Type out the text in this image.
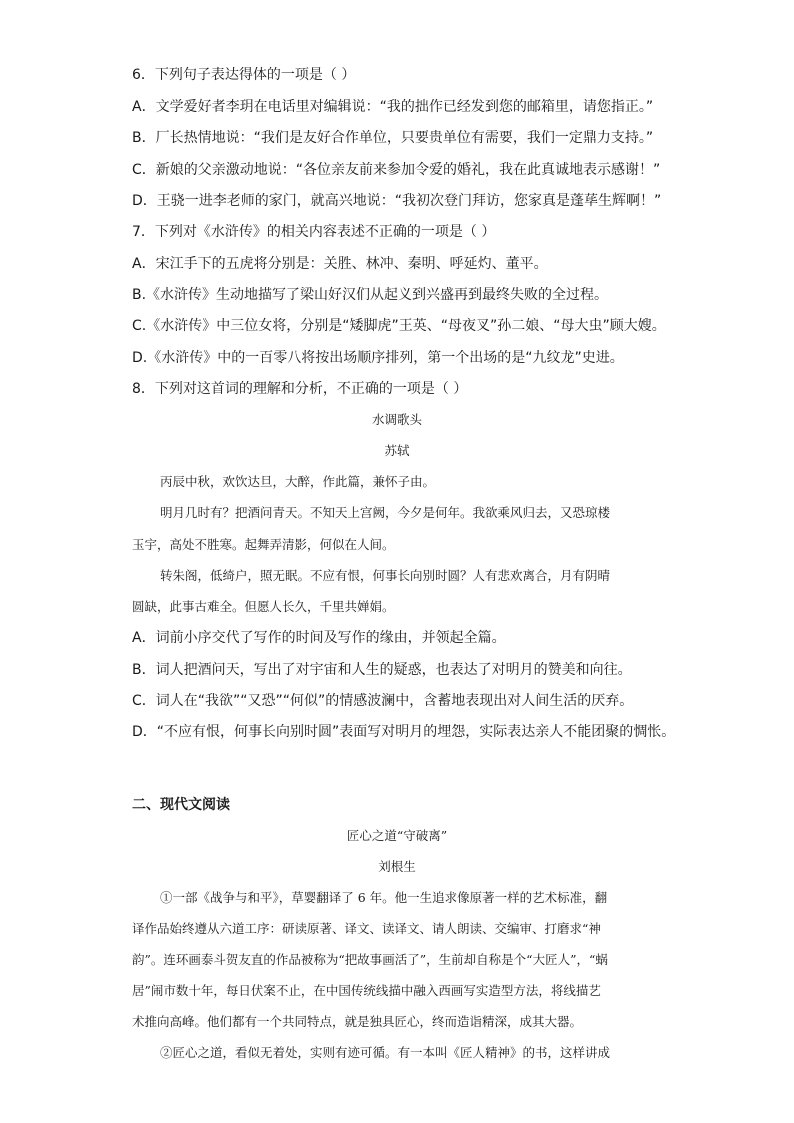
6．下列句子表达得体的一项是（ ）
A．文学爱好者李玥在电话里对编辑说：“我的拙作已经发到您的邮箱里，请您指正。”
B．厂长热情地说：“我们是友好合作单位，只要贵单位有需要，我们一定鼎力支持。”
C．新娘的父亲激动地说：“各位亲友前来参加令爱的婚礼，我在此真诚地表示感谢！”
D．王骁一进李老师的家门，就高兴地说：“我初次登门拜访，您家真是蓬荜生辉啊！”
7．下列对《水浒传》的相关内容表述不正确的一项是（ ）
A．宋江手下的五虎将分别是：关胜、林冲、秦明、呼延灼、董平。
B.《水浒传》生动地描写了梁山好汉们从起义到兴盛再到最终失败的全过程。
C.《水浒传》中三位女将，分别是“矮脚虎”王英、“母夜叉”孙二娘、“母大虫”顾大嫂。
D.《水浒传》中的一百零八将按出场顺序排列，第一个出场的是“九纹龙”史进。
8．下列对这首词的理解和分析，不正确的一项是（ ）
水调歌头
苏轼
丙辰中秋，欢饮达旦，大醉，作此篇，兼怀子由。
明月几时有？把酒问青天。不知天上宫阙，今夕是何年。我欲乘风归去，又恐琼楼
玉宇，高处不胜寒。起舞弄清影，何似在人间。
转朱阁，低绮户，照无眠。不应有恨，何事长向别时圆？人有悲欢离合，月有阴晴
圆缺，此事古难全。但愿人长久，千里共婵娟。
A．词前小序交代了写作的时间及写作的缘由，并领起全篇。
B．词人把酒问天，写出了对宇宙和人生的疑惑，也表达了对明月的赞美和向往。
C．词人在“我欲”“又恐”“何似”的情感波澜中，含蓄地表现出对人间生活的厌弃。
D．“不应有恨，何事长向别时圆”表面写对明月的埋怨，实际表达亲人不能团聚的惆怅。
二、现代文阅读
匠心之道“守破离”
刘根生
①一部《战争与和平》，草婴翻译了 6 年。他一生追求像原著一样的艺术标准，翻
译作品始终遵从六道工序：研读原著、译文、读译文、请人朗读、交编审、打磨求“神
韵”。连环画泰斗贺友直的作品被称为“把故事画活了”，生前却自称是个“大匠人”，“蜗
居”闹市数十年，每日伏案不止，在中国传统线描中融入西画写实造型方法，将线描艺
术推向高峰。他们都有一个共同特点，就是独具匠心，终而造诣精深，成其大器。
②匠心之道，看似无着处，实则有迹可循。有一本叫《匠人精神》的书，这样讲成
